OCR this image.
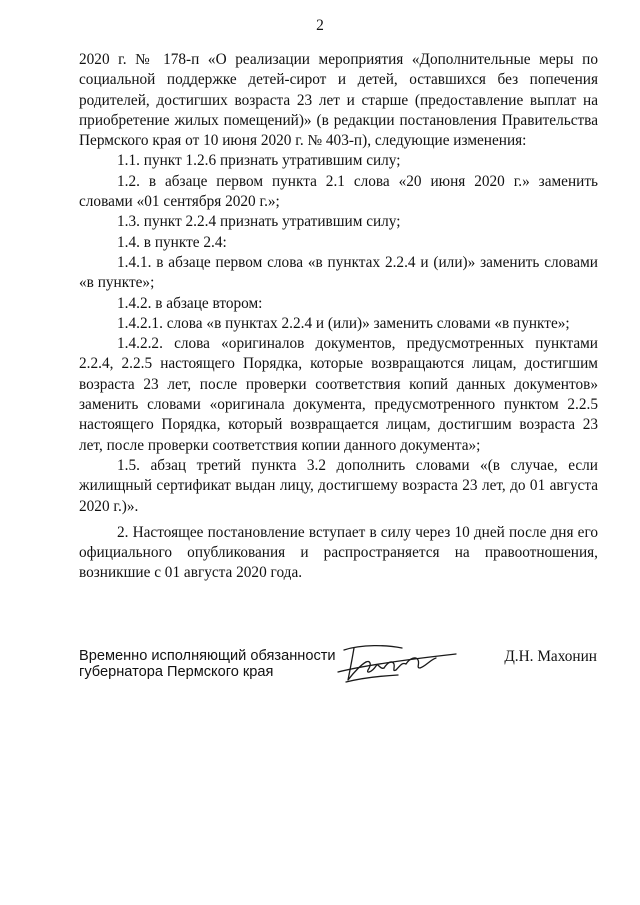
2

2020 г. № 178-п «О реализации мероприятия «Дополнительные меры по социальной поддержке детей-сирот и детей, оставшихся без попечения родителей, достигших возраста 23 лет и старше (предоставление выплат на приобретение жилых помещений)» (в редакции постановления Правительства Пермского края от 10 июня 2020 г. № 403-п), следующие изменения:

1.1. пункт 1.2.6 признать утратившим силу;

1.2. в абзаце первом пункта 2.1 слова «20 июня 2020 г.» заменить словами «01 сентября 2020 г.»;

1.3. пункт 2.2.4 признать утратившим силу;

1.4. в пункте 2.4:

1.4.1. в абзаце первом слова «в пунктах 2.2.4 и (или)» заменить словами «в пункте»;

1.4.2. в абзаце втором:

1.4.2.1. слова «в пунктах 2.2.4 и (или)» заменить словами «в пункте»;

1.4.2.2. слова «оригиналов документов, предусмотренных пунктами 2.2.4, 2.2.5 настоящего Порядка, которые возвращаются лицам, достигшим возраста 23 лет, после проверки соответствия копий данных документов» заменить словами «оригинала документа, предусмотренного пунктом 2.2.5 настоящего Порядка, который возвращается лицам, достигшим возраста 23 лет, после проверки соответствия копии данного документа»;

1.5. абзац третий пункта 3.2 дополнить словами «(в случае, если жилищный сертификат выдан лицу, достигшему возраста 23 лет, до 01 августа 2020 г.)».

2. Настоящее постановление вступает в силу через 10 дней после дня его официального опубликования и распространяется на правоотношения, возникшие с 01 августа 2020 года.

Временно исполняющий обязанности
губернатора Пермского края
Д.Н. Махонин
